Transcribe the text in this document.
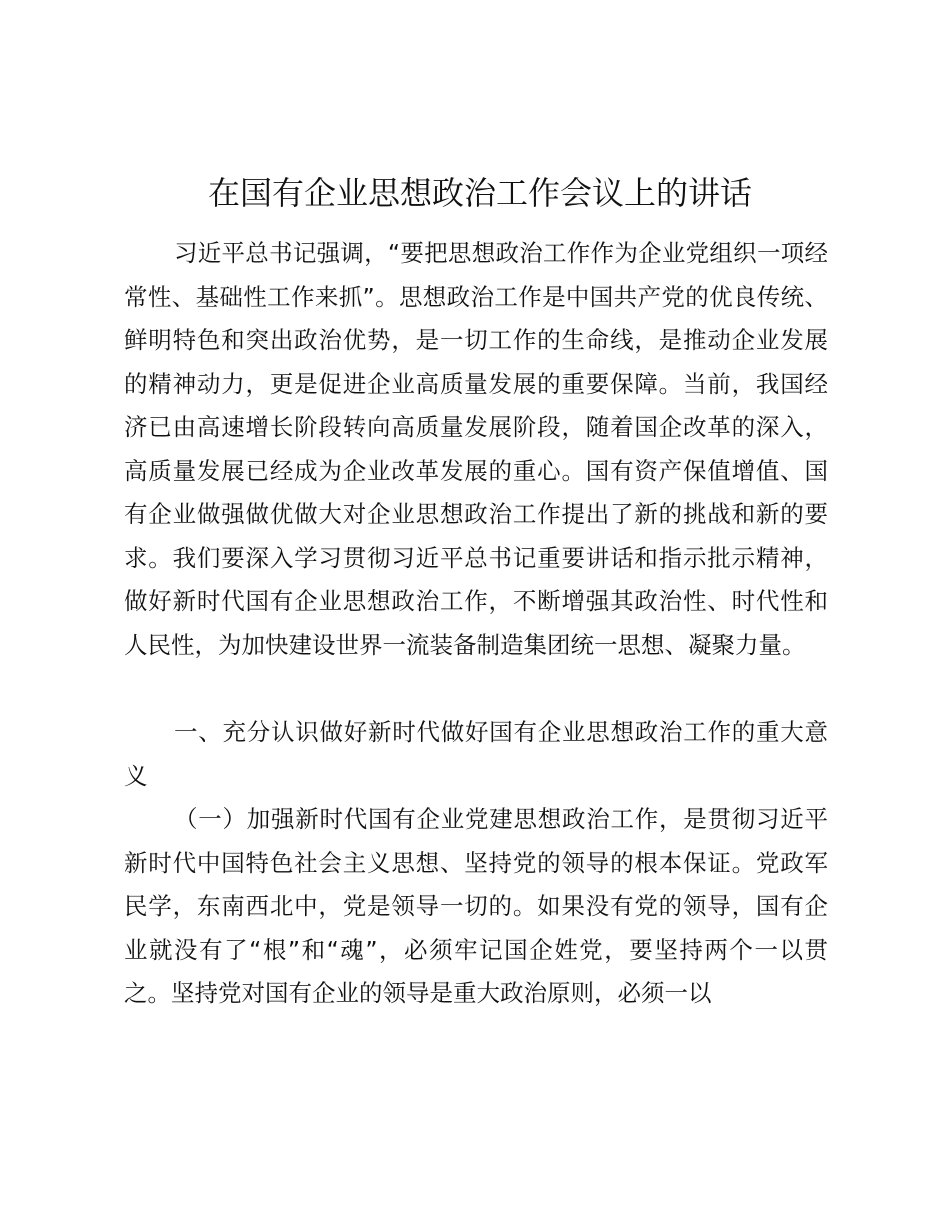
在国有企业思想政治工作会议上的讲话

习近平总书记强调，“要把思想政治工作作为企业党组织一项经常性、基础性工作来抓”。思想政治工作是中国共产党的优良传统、鲜明特色和突出政治优势，是一切工作的生命线，是推动企业发展的精神动力，更是促进企业高质量发展的重要保障。当前，我国经济已由高速增长阶段转向高质量发展阶段，随着国企改革的深入，高质量发展已经成为企业改革发展的重心。国有资产保值增值、国有企业做强做优做大对企业思想政治工作提出了新的挑战和新的要求。我们要深入学习贯彻习近平总书记重要讲话和指示批示精神，做好新时代国有企业思想政治工作，不断增强其政治性、时代性和人民性，为加快建设世界一流装备制造集团统一思想、凝聚力量。

一、充分认识做好新时代做好国有企业思想政治工作的重大意义

（一）加强新时代国有企业党建思想政治工作，是贯彻习近平新时代中国特色社会主义思想、坚持党的领导的根本保证。党政军民学，东南西北中，党是领导一切的。如果没有党的领导，国有企业就没有了“根”和“魂”，必须牢记国企姓党，要坚持两个一以贯之。坚持党对国有企业的领导是重大政治原则，必须一以
